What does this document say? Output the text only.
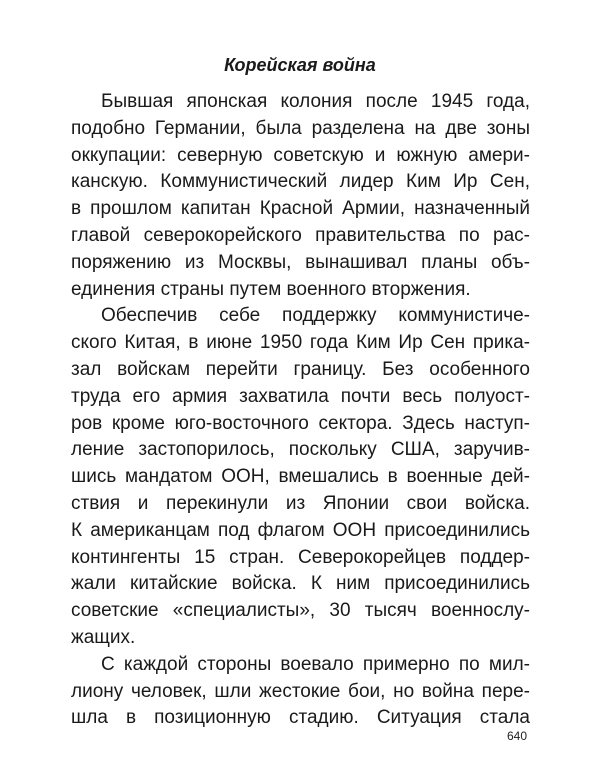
Корейская война
Бывшая японская колония после 1945 года,
подобно Германии, была разделена на две зоны
оккупации: северную советскую и южную амери-
канскую. Коммунистический лидер Ким Ир Сен,
в прошлом капитан Красной Армии, назначенный
главой северокорейского правительства по рас-
поряжению из Москвы, вынашивал планы объ-
единения страны путем военного вторжения.
Обеспечив себе поддержку коммунистиче-
ского Китая, в июне 1950 года Ким Ир Сен прика-
зал войскам перейти границу. Без особенного
труда его армия захватила почти весь полуост-
ров кроме юго-восточного сектора. Здесь наступ-
ление застопорилось, поскольку США, заручив-
шись мандатом ООН, вмешались в военные дей-
ствия и перекинули из Японии свои войска.
К американцам под флагом ООН присоединились
контингенты 15 стран. Северокорейцев поддер-
жали китайские войска. К ним присоединились
советские «специалисты», 30 тысяч военнослу-
жащих.
С каждой стороны воевало примерно по мил-
лиону человек, шли жестокие бои, но война пере-
шла в позиционную стадию. Ситуация стала
640
